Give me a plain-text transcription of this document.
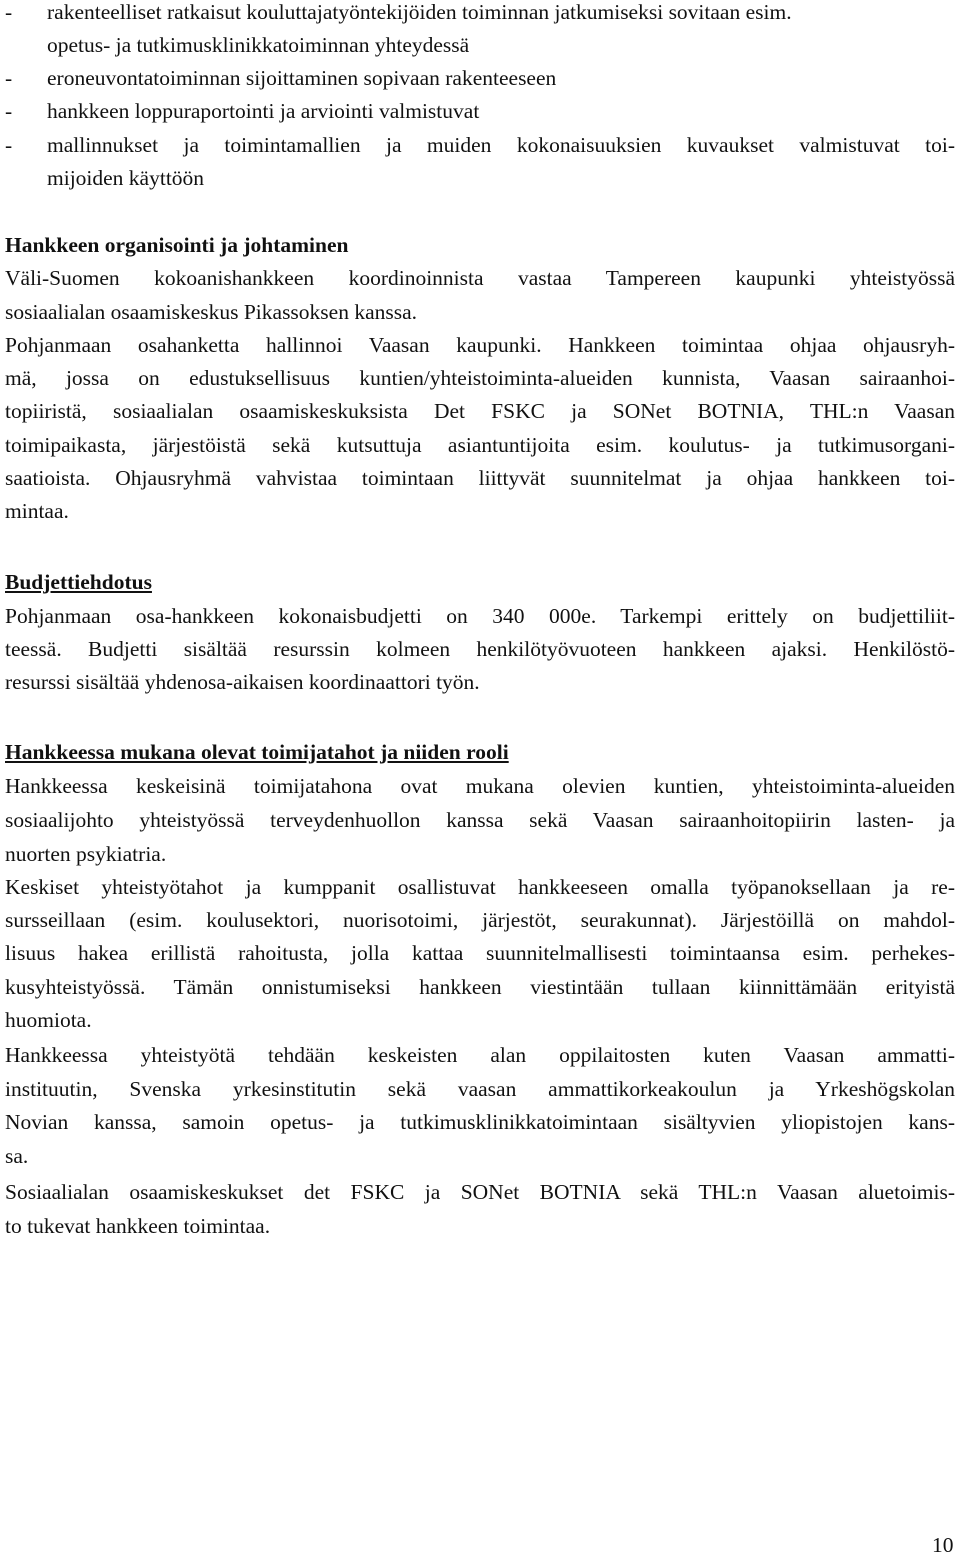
- rakenteelliset ratkaisut kouluttajatyöntekijöiden toiminnan jatkumiseksi sovitaan esim.
opetus- ja tutkimusklinikkatoiminnan yhteydessä
- eroneuvontatoiminnan sijoittaminen sopivaan rakenteeseen
- hankkeen loppuraportointi ja arviointi valmistuvat
- mallinnukset ja toimintamallien ja muiden kokonaisuuksien kuvaukset valmistuvat toi-
mijoiden käyttöön
Hankkeen organisointi ja johtaminen
Väli-Suomen kokoanishankkeen koordinoinnista vastaa Tampereen kaupunki yhteistyössä
sosiaalialan osaamiskeskus Pikassoksen kanssa.
Pohjanmaan osahanketta hallinnoi Vaasan kaupunki. Hankkeen toimintaa ohjaa ohjausryh-
mä, jossa on edustuksellisuus kuntien/yhteistoiminta-alueiden kunnista, Vaasan sairaanhoi-
topiiristä, sosiaalialan osaamiskeskuksista Det FSKC ja SONet BOTNIA, THL:n Vaasan
toimipaikasta, järjestöistä sekä kutsuttuja asiantuntijoita esim. koulutus- ja tutkimusorgani-
saatioista. Ohjausryhmä vahvistaa toimintaan liittyvät suunnitelmat ja ohjaa hankkeen toi-
mintaa.
Budjettiehdotus
Pohjanmaan osa-hankkeen kokonaisbudjetti on 340 000e. Tarkempi erittely on budjettiliit-
teessä. Budjetti sisältää resurssin kolmeen henkilötyövuoteen hankkeen ajaksi. Henkilöstö-
resurssi sisältää yhdenosa-aikaisen koordinaattori työn.
Hankkeessa mukana olevat toimijatahot ja niiden rooli
Hankkeessa keskeisinä toimijatahona ovat mukana olevien kuntien, yhteistoiminta-alueiden
sosiaalijohto yhteistyössä terveydenhuollon kanssa sekä Vaasan sairaanhoitopiirin lasten- ja
nuorten psykiatria.
Keskiset yhteistyötahot ja kumppanit osallistuvat hankkeeseen omalla työpanoksellaan ja re-
sursseillaan (esim. koulusektori, nuorisotoimi, järjestöt, seurakunnat). Järjestöillä on mahdol-
lisuus hakea erillistä rahoitusta, jolla kattaa suunnitelmallisesti toimintaansa esim. perhekes-
kusyhteistyössä. Tämän onnistumiseksi hankkeen viestintään tullaan kiinnittämään erityistä
huomiota.
Hankkeessa yhteistyötä tehdään keskeisten alan oppilaitosten kuten Vaasan ammatti-
instituutin, Svenska yrkesinstitutin sekä vaasan ammattikorkeakoulun ja Yrkeshögskolan
Novian kanssa, samoin opetus- ja tutkimusklinikkatoimintaan sisältyvien yliopistojen kans-
sa.
Sosiaalialan osaamiskeskukset det FSKC ja SONet BOTNIA sekä THL:n Vaasan aluetoimis-
to tukevat hankkeen toimintaa.
10
